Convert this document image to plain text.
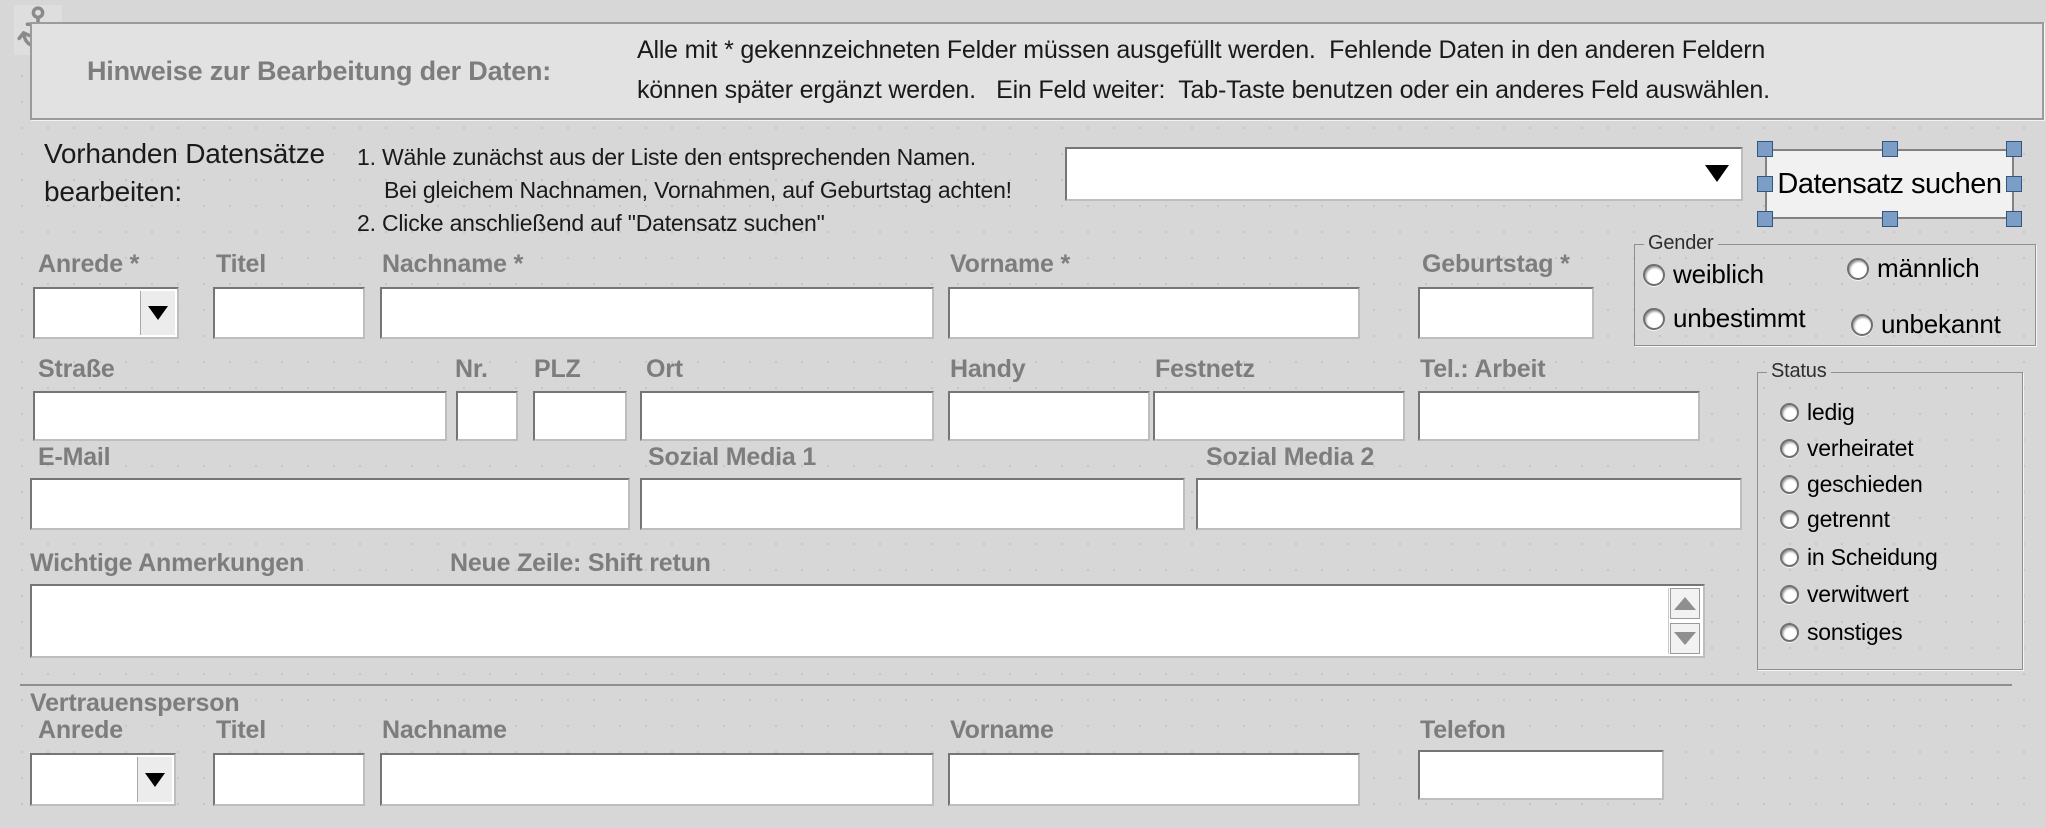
Hinweise zur Bearbeitung der Daten:
Alle mit * gekennzeichneten Felder müssen ausgefüllt werden.  Fehlende Daten in den anderen Feldern
können später ergänzt werden.   Ein Feld weiter:  Tab-Taste benutzen oder ein anderes Feld auswählen.
Vorhanden Datensätze
bearbeiten:
1. Wähle zunächst aus der Liste den entsprechenden Namen.
Bei gleichem Nachnamen, Vornahmen, auf Geburtstag achten!
2. Clicke anschließend auf "Datensatz suchen"
Datensatz suchen
Anrede *	Titel	Nachname *	Vorname *	Geburtstag *
Gender
weiblich	männlich
unbestimmt	unbekannt
Straße	Nr. PLZ	Ort	Handy	Festnetz	Tel.: Arbeit	Status
ledig
verheiratet
geschieden
getrennt
in Scheidung
verwitwert
sonstiges
E-Mail	Sozial Media 1	Sozial Media 2
Wichtige Anmerkungen	Neue Zeile: Shift retun
Vertrauensperson
Anrede	Titel	Nachname	Vorname	Telefon
